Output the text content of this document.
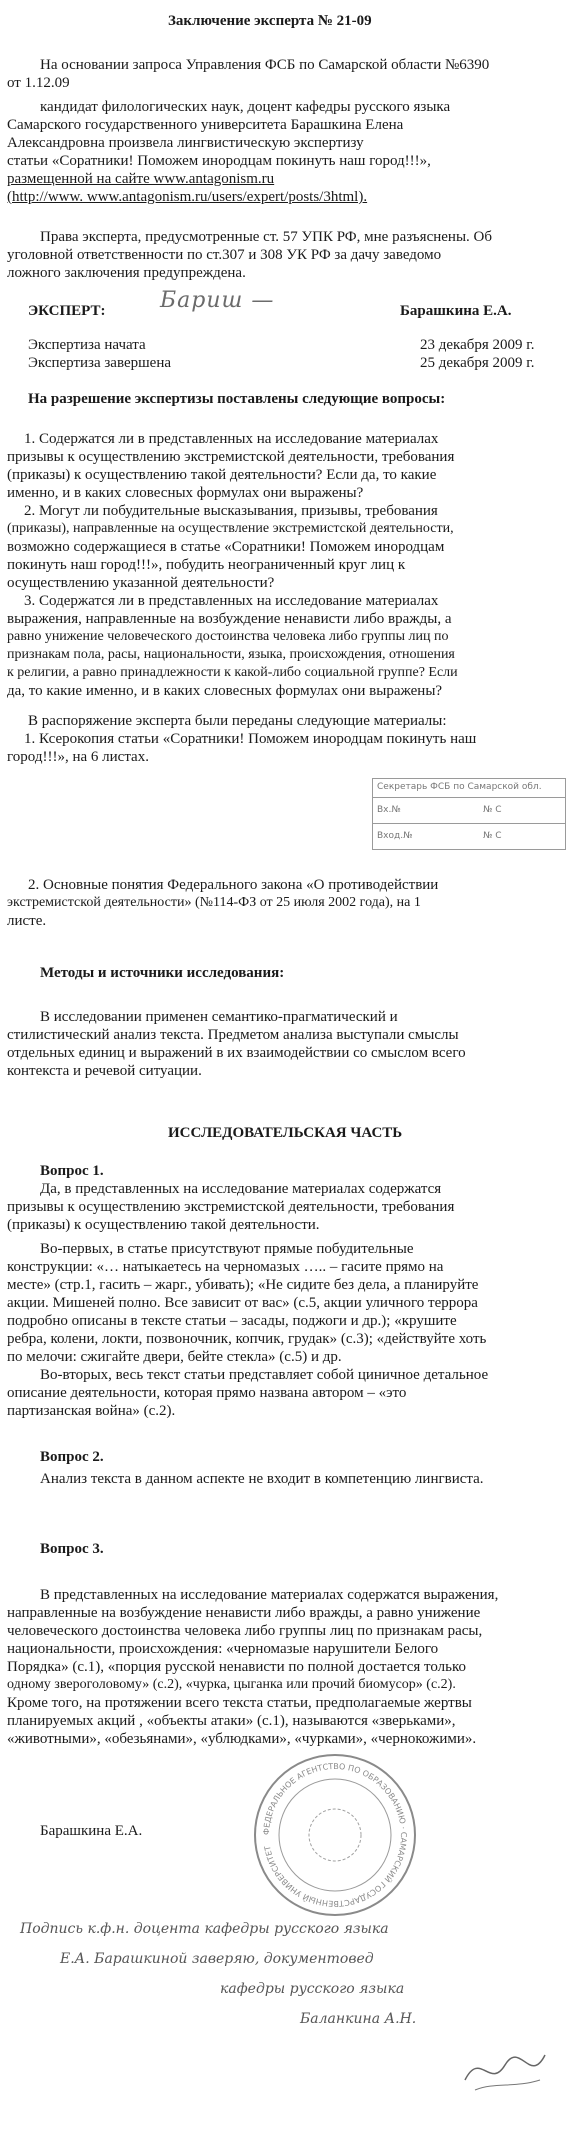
Заключение эксперта № 21-09

На основании запроса Управления ФСБ по Самарской области №6390

от 1.12.09

кандидат филологических наук, доцент кафедры русского языка

Самарского государственного университета Барашкина Елена

Александровна произвела лингвистическую экспертизу

статьи «Соратники! Поможем инородцам покинуть наш город!!!»,

размещенной на сайте www.antagonism.ru

(http://www. www.antagonism.ru/users/expert/posts/3html).

Права эксперта, предусмотренные ст. 57 УПК РФ, мне разъяснены. Об

уголовной ответственности по ст.307 и 308 УК РФ за дачу заведомо

ложного заключения предупреждена.

ЭКСПЕРТ: Бариш —	Барашкина Е.А.

Экспертиза начата	23 декабря 2009 г.

Экспертиза завершена	25 декабря 2009 г.

На разрешение экспертизы поставлены следующие вопросы:

1. Содержатся ли в представленных на исследование материалах

призывы к осуществлению экстремистской деятельности, требования

(приказы) к осуществлению такой деятельности? Если да, то какие

именно, и в каких словесных формулах они выражены?

2. Могут ли побудительные высказывания, призывы, требования

(приказы), направленные на осуществление экстремистской деятельности,

возможно содержащиеся в статье «Соратники! Поможем инородцам

покинуть наш город!!!», побудить неограниченный круг лиц к

осуществлению указанной деятельности?

3. Содержатся ли в представленных на исследование материалах

выражения, направленные на возбуждение ненависти либо вражды, а

равно унижение человеческого достоинства человека либо группы лиц по

признакам пола, расы, национальности, языка, происхождения, отношения

к религии, а равно принадлежности к какой-либо социальной группе? Если

да, то какие именно, и в каких словесных формулах они выражены?

В распоряжение эксперта были переданы следующие материалы:

1. Ксерокопия статьи «Соратники! Поможем инородцам покинуть наш

город!!!», на 6 листах.

Секретарь ФСБ по Самарской обл.
Вх.№	№ С
Вход.№	№ С

2. Основные понятия Федерального закона «О противодействии

экстремистской деятельности» (№114-ФЗ от 25 июля 2002 года), на 1

листе.

Методы и источники исследования:

В исследовании применен семантико-прагматический и

стилистический анализ текста. Предметом анализа выступали смыслы

отдельных единиц и выражений в их взаимодействии со смыслом всего

контекста и речевой ситуации.

ИССЛЕДОВАТЕЛЬСКАЯ ЧАСТЬ

Вопрос 1.

Да, в представленных на исследование материалах содержатся

призывы к осуществлению экстремистской деятельности, требования

(приказы) к осуществлению такой деятельности.

Во-первых, в статье присутствуют прямые побудительные

конструкции: «… натыкаетесь на черномазых ….. – гасите прямо на

месте» (стр.1, гасить – жарг., убивать); «Не сидите без дела, а планируйте

акции. Мишеней полно. Все зависит от вас» (с.5, акции уличного террора

подробно описаны в тексте статьи – засады, поджоги и др.); «крушите

ребра, колени, локти, позвоночник, копчик, грудак» (с.3); «действуйте хоть

по мелочи: сжигайте двери, бейте стекла» (с.5) и др.

Во-вторых, весь текст статьи представляет собой циничное детальное

описание деятельности, которая прямо названа автором – «это

партизанская война» (с.2).

Вопрос 2.

Анализ текста в данном аспекте не входит в компетенцию лингвиста.

Вопрос 3.

В представленных на исследование материалах содержатся выражения,

направленные на возбуждение ненависти либо вражды, а равно унижение

человеческого достоинства человека либо группы лиц по признакам расы,

национальности, происхождения: «черномазые нарушители Белого

Порядка» (с.1), «порция русской ненависти по полной достается только

одному звероголовому» (с.2), «чурка, цыганка или прочий биомусор» (с.2).

Кроме того, на протяжении всего текста статьи, предполагаемые жертвы

планируемых акций , «объекты атаки» (с.1), называются «зверьками»,

«животными», «обезьянами», «ублюдками», «чурками», «чернокожими».

Барашкина Е.А.	ФЕДЕРАЛЬНОЕ АГЕНТСТВО ПО ОБРАЗОВАНИЮ · САМАРСКИЙ ГОСУДАРСТВЕННЫЙ УНИВЕРСИТЕТ

Подпись к.ф.н. доцента кафедры русского языка

Е.А. Барашкиной заверяю, документовед

кафедры русского языка

Баланкина А.Н.
